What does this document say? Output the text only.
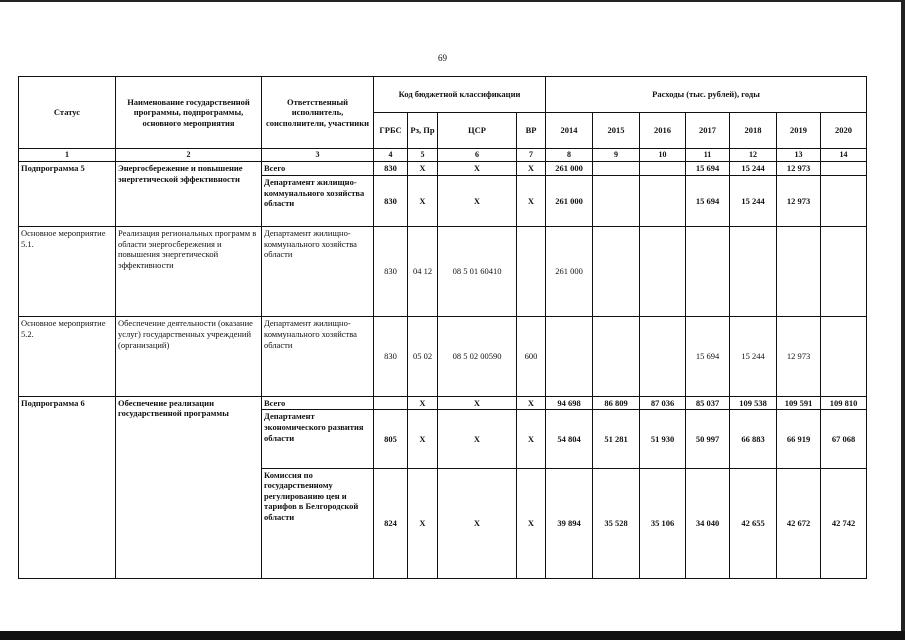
69
Статус	Наименование государственной программы, подпрограммы, основного мероприятия	Ответственный исполнитель, соисполнители, участники	Код бюджетной классификации				Расходы (тыс. рублей), годы						
			ГРБС	Рз, Пр	ЦСР	ВР	2014	2015	2016	2017	2018	2019	2020
1	2	3	4	5	6	7	8	9	10	11	12	13	14
Подпрограмма 5	Энергосбережение и повышение энергетической эффективности	Всего	830	Х	Х	Х	261 000			15 694	15 244	12 973	
		Департамент жилищно-коммунального хозяйства области	830	Х	Х	Х	261 000			15 694	15 244	12 973	
Основное мероприятие 5.1.	Реализация региональных программ в области энергосбережения и повышения энергетической эффективности	Департамент жилищно-коммунального хозяйства области	830	04 12	08 5 01 60410		261 000						
Основное мероприятие 5.2.	Обеспечение деятельности (оказание услуг) государственных учреждений (организаций)	Департамент жилищно-коммунального хозяйства области	830	05 02	08 5 02 00590	600				15 694	15 244	12 973	
Подпрограмма 6	Обеспечение реализации государственной программы	Всего		Х	Х	Х	94 698	86 809	87 036	85 037	109 538	109 591	109 810
		Департамент экономического развития области	805	Х	Х	Х	54 804	51 281	51 930	50 997	66 883	66 919	67 068
		Комиссия по государственному регулированию цен и тарифов в Белгородской области	824	Х	Х	Х	39 894	35 528	35 106	34 040	42 655	42 672	42 742
